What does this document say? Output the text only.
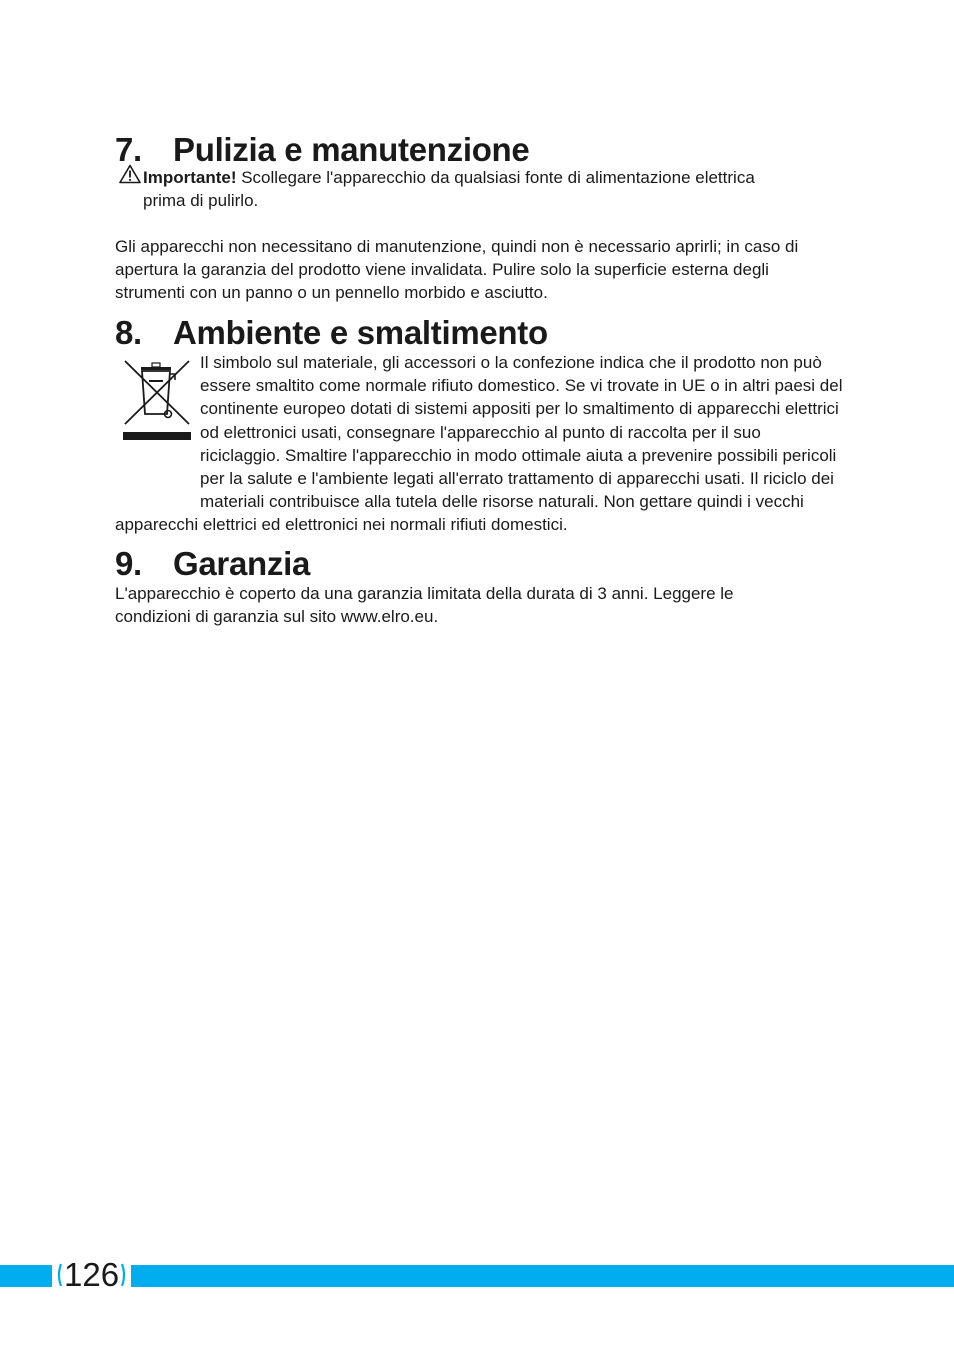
7. Pulizia e manutenzione

Importante! Scollegare l'apparecchio da qualsiasi fonte di alimentazione elettrica
prima di pulirlo.

Gli apparecchi non necessitano di manutenzione, quindi non è necessario aprirli; in caso di apertura la garanzia del prodotto viene invalidata. Pulire solo la superficie esterna degli strumenti con un panno o un pennello morbido e asciutto.

8. Ambiente e smaltimento
Il simbolo sul materiale, gli accessori o la confezione indica che il prodotto non può essere smaltito come normale rifiuto domestico. Se vi trovate in UE o in altri paesi del continente europeo dotati di sistemi appositi per lo smaltimento di apparecchi elettrici od elettronici usati, consegnare l'apparecchio al punto di raccolta per il suo riciclaggio. Smaltire l'apparecchio in modo ottimale aiuta a prevenire possibili pericoli per la salute e l'ambiente legati all'errato trattamento di apparecchi usati. Il riciclo dei materiali contribuisce alla tutela delle risorse naturali. Non gettare quindi i vecchi apparecchi elettrici ed elettronici nei normali rifiuti domestici.
9. Garanzia

L'apparecchio è coperto da una garanzia limitata della durata di 3 anni. Leggere le condizioni di garanzia sul sito www.elro.eu.

126
